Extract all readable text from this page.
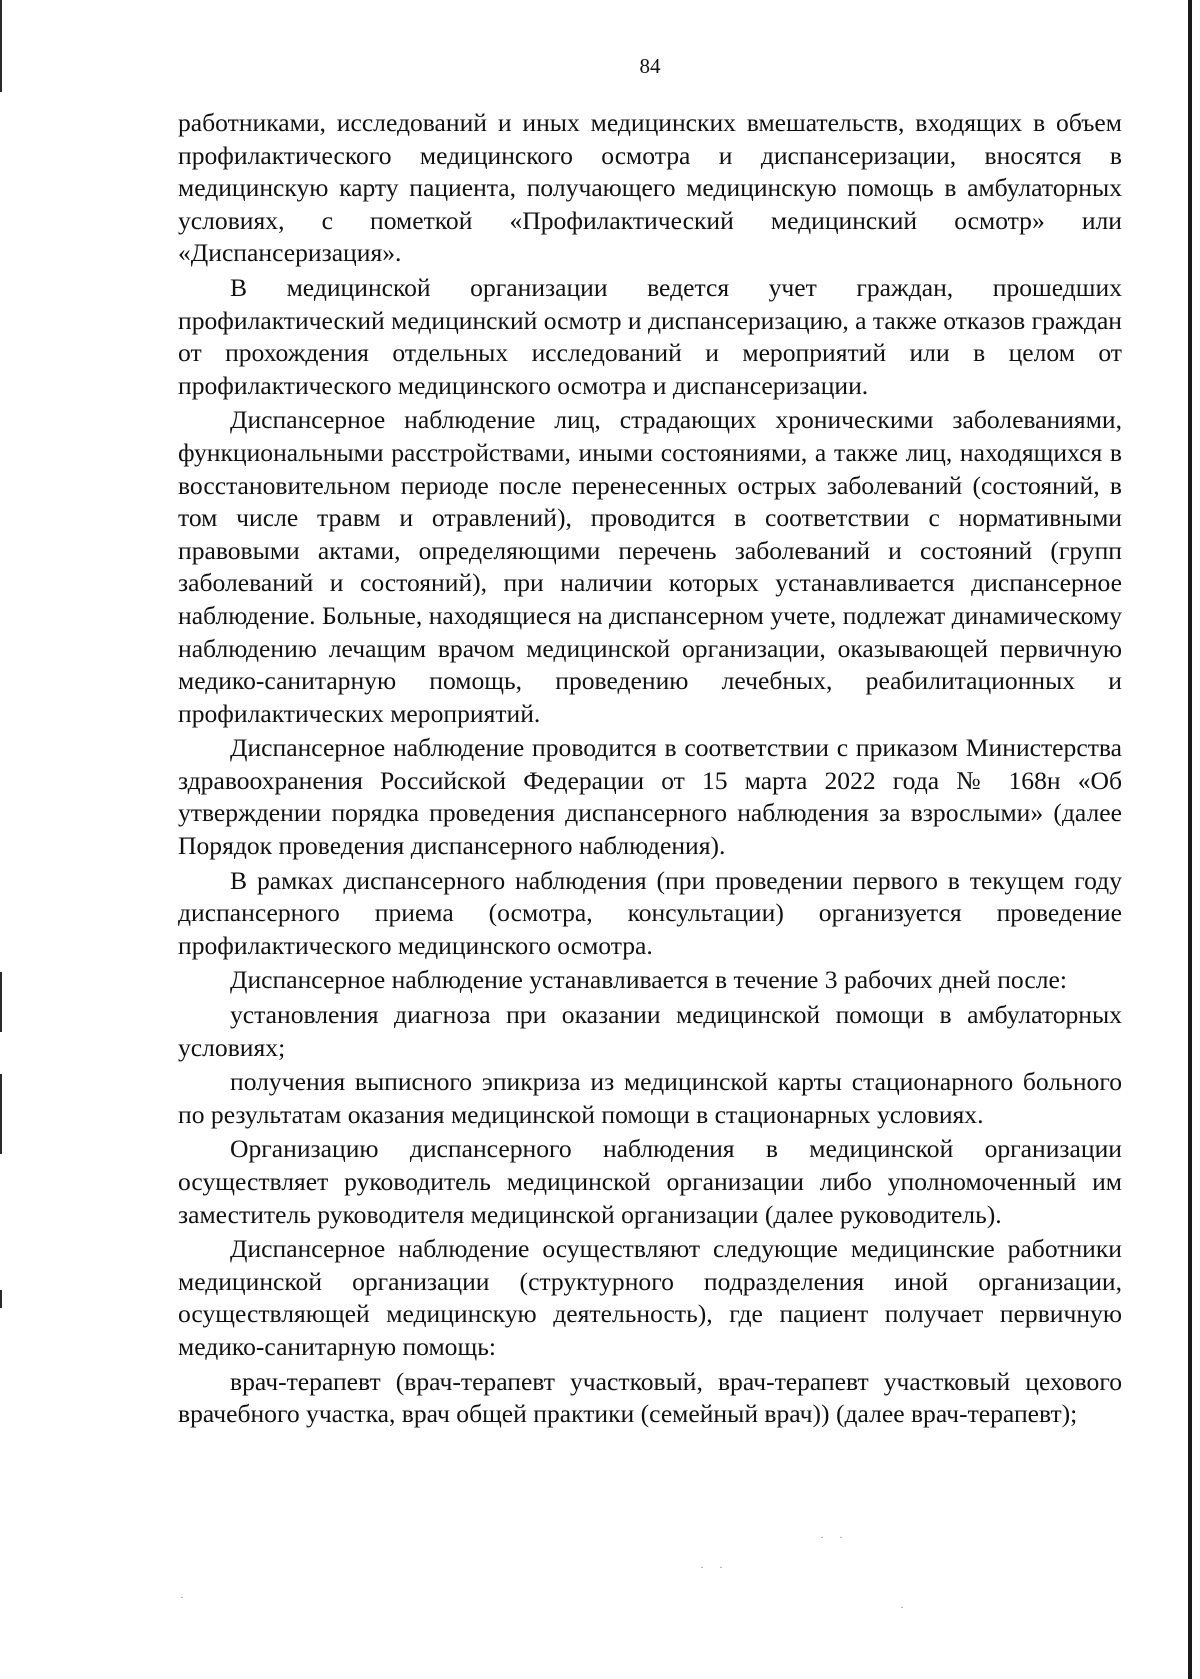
84

работниками, исследований и иных медицинских вмешательств, входящих в объем профилактического медицинского осмотра и диспансеризации, вносятся в медицинскую карту пациента, получающего медицинскую помощь в амбулаторных условиях, с пометкой «Профилактический медицинский осмотр» или «Диспансеризация».

В медицинской организации ведется учет граждан, прошедших профилактический медицинский осмотр и диспансеризацию, а также отказов граждан от прохождения отдельных исследований и мероприятий или в целом от профилактического медицинского осмотра и диспансеризации.

Диспансерное наблюдение лиц, страдающих хроническими заболеваниями, функциональными расстройствами, иными состояниями, а также лиц, находящихся в восстановительном периоде после перенесенных острых заболеваний (состояний, в том числе травм и отравлений), проводится в соответствии с нормативными правовыми актами, определяющими перечень заболеваний и состояний (групп заболеваний и состояний), при наличии которых устанавливается диспансерное наблюдение. Больные, находящиеся на диспансерном учете, подлежат динамическому наблюдению лечащим врачом медицинской организации, оказывающей первичную медико-санитарную помощь, проведению лечебных, реабилитационных и профилактических мероприятий.

Диспансерное наблюдение проводится в соответствии с приказом Министерства здравоохранения Российской Федерации от 15 марта 2022 года № 168н «Об утверждении порядка проведения диспансерного наблюдения за взрослыми» (далее Порядок проведения диспансерного наблюдения).

В рамках диспансерного наблюдения (при проведении первого в текущем году диспансерного приема (осмотра, консультации) организуется проведение профилактического медицинского осмотра.

Диспансерное наблюдение устанавливается в течение 3 рабочих дней после:

установления диагноза при оказании медицинской помощи в амбулаторных условиях;

получения выписного эпикриза из медицинской карты стационарного больного по результатам оказания медицинской помощи в стационарных условиях.

Организацию диспансерного наблюдения в медицинской организации осуществляет руководитель медицинской организации либо уполномоченный им заместитель руководителя медицинской организации (далее руководитель).

Диспансерное наблюдение осуществляют следующие медицинские работники медицинской организации (структурного подразделения иной организации, осуществляющей медицинскую деятельность), где пациент получает первичную медико-санитарную помощь:

врач-терапевт (врач-терапевт участковый, врач-терапевт участковый цехового врачебного участка, врач общей практики (семейный врач)) (далее врач-терапевт);

· ·
· ·
·
·
